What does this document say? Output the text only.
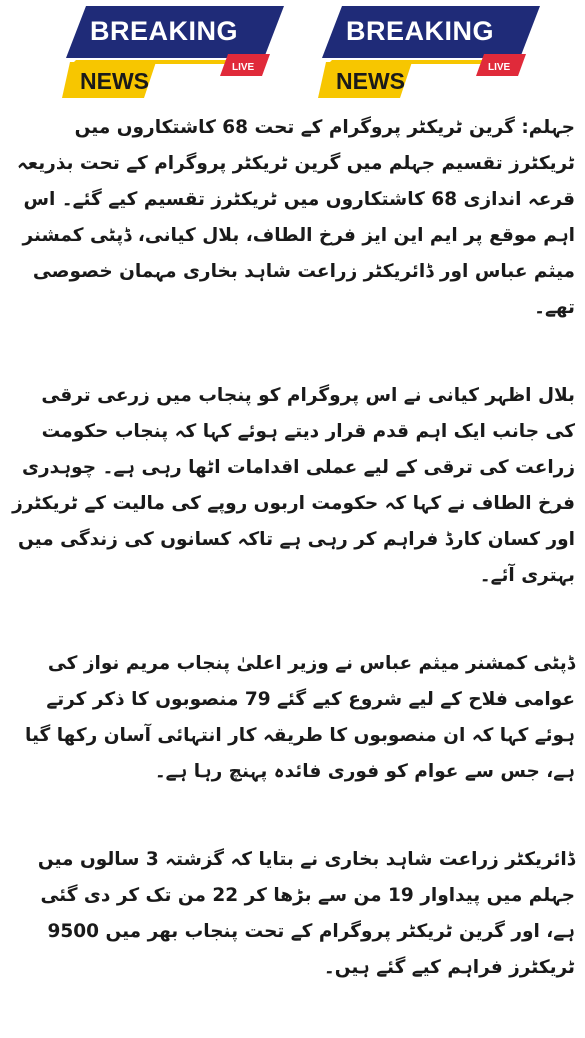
BREAKING
LIVE
NEWS
BREAKING
LIVE
NEWS

جہلم: گرین ٹریکٹر پروگرام کے تحت 68 کاشتکاروں میں ٹریکٹرز تقسیم جہلم میں گرین ٹریکٹر پروگرام کے تحت بذریعہ قرعہ اندازی 68 کاشتکاروں میں ٹریکٹرز تقسیم کیے گئے۔ اس اہم موقع پر ایم این ایز فرخ الطاف، بلال کیانی، ڈپٹی کمشنر میثم عباس اور ڈائریکٹر زراعت شاہد بخاری مہمان خصوصی تھے۔

بلال اظہر کیانی نے اس پروگرام کو پنجاب میں زرعی ترقی کی جانب ایک اہم قدم قرار دیتے ہوئے کہا کہ پنجاب حکومت زراعت کی ترقی کے لیے عملی اقدامات اٹھا رہی ہے۔ چوہدری فرخ الطاف نے کہا کہ حکومت اربوں روپے کی مالیت کے ٹریکٹرز اور کسان کارڈ فراہم کر رہی ہے تاکہ کسانوں کی زندگی میں بہتری آئے۔

ڈپٹی کمشنر میثم عباس نے وزیر اعلیٰ پنجاب مریم نواز کی عوامی فلاح کے لیے شروع کیے گئے 79 منصوبوں کا ذکر کرتے ہوئے کہا کہ ان منصوبوں کا طریقہ کار انتہائی آسان رکھا گیا ہے، جس سے عوام کو فوری فائدہ پہنچ رہا ہے۔

ڈائریکٹر زراعت شاہد بخاری نے بتایا کہ گزشتہ 3 سالوں میں جہلم میں پیداوار 19 من سے بڑھا کر 22 من تک کر دی گئی ہے، اور گرین ٹریکٹر پروگرام کے تحت پنجاب بھر میں 9500 ٹریکٹرز فراہم کیے گئے ہیں۔
